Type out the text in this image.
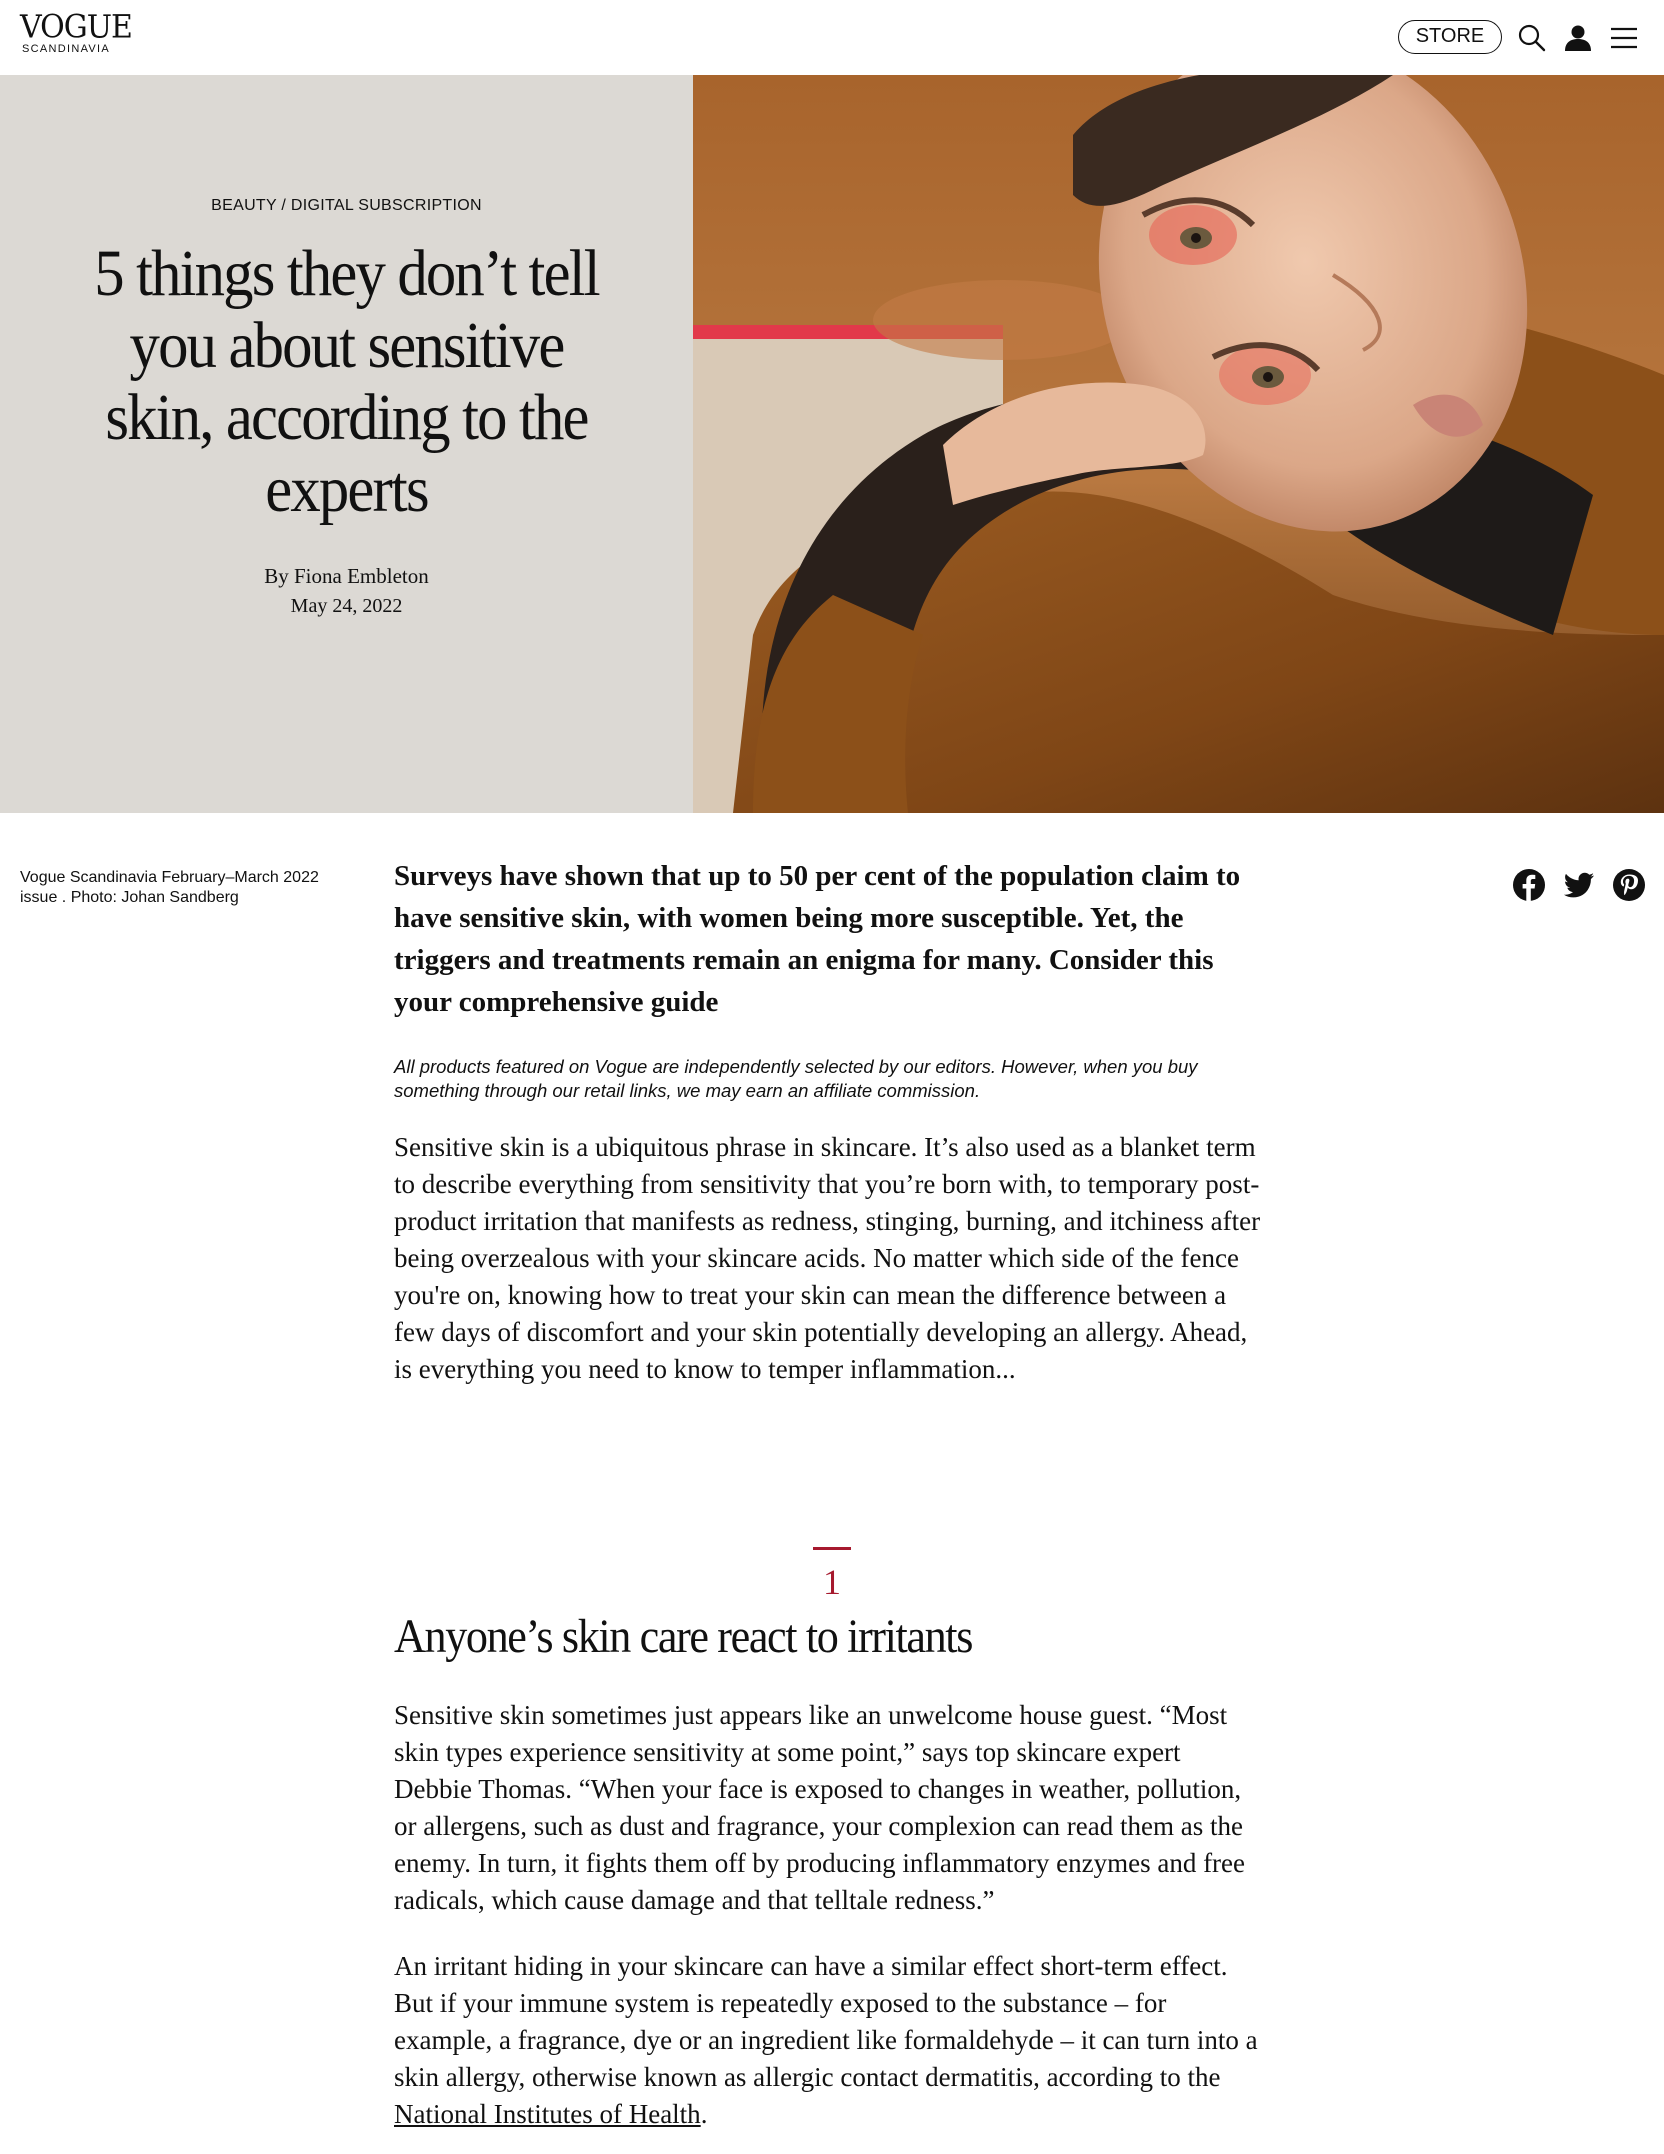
VOGUE
SCANDINAVIA
STORE
BEAUTY / DIGITAL SUBSCRIPTION
5 things they don’t tell you about sensitive skin, according to the experts
By Fiona Embleton
May 24, 2022
Vogue Scandinavia February–March 2022 issue . Photo: Johan Sandberg

Surveys have shown that up to 50 per cent of the population claim to have sensitive skin, with women being more susceptible. Yet, the triggers and treatments remain an enigma for many. Consider this your comprehensive guide

All products featured on Vogue are independently selected by our editors. However, when you buy something through our retail links, we may earn an affiliate commission.

Sensitive skin is a ubiquitous phrase in skincare. It’s also used as a blanket term to describe everything from sensitivity that you’re born with, to temporary post-product irritation that manifests as redness, stinging, burning, and itchiness after being overzealous with your skincare acids. No matter which side of the fence you're on, knowing how to treat your skin can mean the difference between a few days of discomfort and your skin potentially developing an allergy. Ahead, is everything you need to know to temper inflammation...

1
Anyone’s skin care react to irritants

Sensitive skin sometimes just appears like an unwelcome house guest. “Most skin types experience sensitivity at some point,” says top skincare expert Debbie Thomas. “When your face is exposed to changes in weather, pollution, or allergens, such as dust and fragrance, your complexion can read them as the enemy. In turn, it fights them off by producing inflammatory enzymes and free radicals, which cause damage and that telltale redness.”

An irritant hiding in your skincare can have a similar effect short-term effect. But if your immune system is repeatedly exposed to the substance – for example, a fragrance, dye or an ingredient like formaldehyde – it can turn into a skin allergy, otherwise known as allergic contact dermatitis, according to the National Institutes of Health.
